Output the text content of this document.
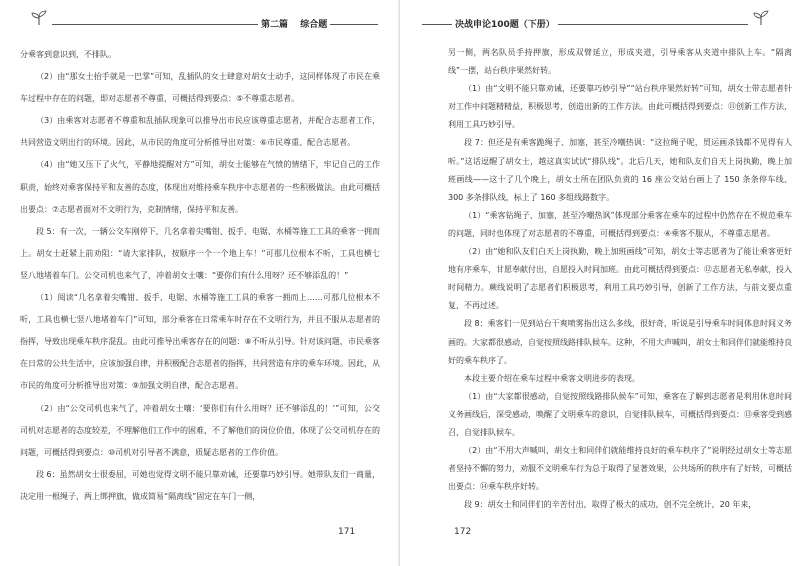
第二篇 综合题

分乘客到意识到，不排队。

（2）由“那女士抬手就是一巴掌”可知，乱插队的女士肆意对胡女士动手，这同样体现了市民在乘车过程中存在的问题，即对志愿者不尊重，可概括得到要点：⑤不尊重志愿者。

（3）由乘客对志愿者不尊重和乱插队现象可以推导出市民应该尊重志愿者，并配合志愿者工作，共同营造文明出行的环境。因此，从市民的角度可分析推导出对策：⑥市民尊重、配合志愿者。

（4）由“她又压下了火气，平静地提醒对方”可知，胡女士能够在气愤的情绪下，牢记自己的工作职责，始终对乘客保持平和友善的态度，体现出对维持乘车秩序中志愿者的一些积极做法。由此可概括出要点：⑦志愿者面对不文明行为，克制情绪，保持平和友善。

段 5：有一次，一辆公交车刚停下，几名拿着尖嘴钳、扳手、电锯、水桶等施工工具的乘客一拥而上。胡女士赶紧上前劝阻：“请大家排队，按顺序一个一个地上车！”可那几位根本不听，工具也横七竖八地堵着车门。公交司机也来气了，冲着胡女士嚷：“要你们有什么用呀？还不够添乱的！”

（1）阅读“几名拿着尖嘴钳、扳手、电锯、水桶等施工工具的乘客一拥而上……可那几位根本不听，工具也横七竖八地堵着车门”可知，部分乘客在日常乘车时存在不文明行为，并且不服从志愿者的指挥，导致出现乘车秩序混乱。由此可推导出乘客存在的问题：⑧不听从引导。针对该问题，市民乘客在日常的公共生活中，应该加强自律，并积极配合志愿者的指挥，共同营造有序的乘车环境。因此，从市民的角度可分析推导出对策：⑨加强文明自律，配合志愿者。

（2）由“公交司机也来气了，冲着胡女士嚷：‘要你们有什么用呀？还不够添乱的！’”可知，公交司机对志愿者的态度较差，不理解他们工作中的困难，不了解他们的岗位价值，体现了公交司机存在的问题，可概括得到要点：⑩司机对引导者不满意，质疑志愿者的工作价值。

段 6：虽然胡女士很委屈，可她也觉得文明不能只靠劝诫，还要靠巧妙引导。她带队友们一商量，决定用一根绳子，两上绑押旗，做成简易“隔离线”固定在车门一侧，

171
决战申论100题（下册）
172

另一侧，两名队员手持押旗，形成双臂延立，形成夹道，引导乘客从夹道中排队上车。“隔离线”一摆，站台秩序果然好转。

（1）由“文明不能只靠劝诫，还要靠巧妙引导”“站台秩序果然好转”可知，胡女士带志愿者针对工作中问题精精益，积极思考，创造出新的工作方法。由此可概括得到要点：⑪创新工作方法，利用工具巧妙引导。

段 7：但还是有乘客跪绳子、加塞，甚至冷嘲热讽：“这拉绳子呢，贸运画杀钱都不见得有人听。”这话逗醒了胡女士，越这真实试试“排队线”。北后几天，她和队友们自天上岗执勤，晚上加班画线——这十了几个晚上，胡女士所在团队负责的 16 座公交站台画上了 150 条条停车线、300 多条排队线，标上了 160 多组线路数字。

（1）“乘客钻绳子、加塞，甚至冷嘲热讽”体现部分乘客在乘车的过程中仍然存在不规范乘车的问题，同时也体现了对志愿者的不尊重，可概括得到要点：④乘客不服从，不尊重志愿者。

（2）由“她和队友们白天上岗执勤，晚上加班画线”可知，胡女士等志愿者为了能让乘客更好地有序乘车，甘愿奉献付出，自愿投入时间加班。由此可概括得到要点：⑫志愿者无私奉献，投入时间精力。蕨线说明了志愿者们积极思考，利用工具巧妙引导，创新了工作方法，与前文要点重复，不再过述。

段 8：乘客们一见到站台干爽喷雾指出这么多线，很好奇，听说是引导乘车时间体息时间义务画的。大家都很感动，自觉按照线路排队候车。这种，不用大声喊叫，胡女士和同伴们就能维持良好的乘车秩序了。

本段主要介绍在乘车过程中乘客文明进步的表现。

（1）由“大家都很感动，自觉按照线路排队候车”可知，乘客在了解到志愿者是利用休息时间义务画线后，深受感动，唤醒了文明乘车的意识，自觉排队候车，可概括得到要点：⑬乘客受到感召，自觉排队候车。

（2）由“不用大声喊叫，胡女士和同伴们就能维持良好的乘车秩序了”说明经过胡女士等志愿者坚持不懈的努力，劝服不文明乘车行为总于取得了显著效果，公共场所的秩序有了好转，可概括出要点：⑭乘车秩序好转。

段 9：胡女士和同伴们的辛苦付出，取得了极大的成功，创不完全统计，20 年来，
